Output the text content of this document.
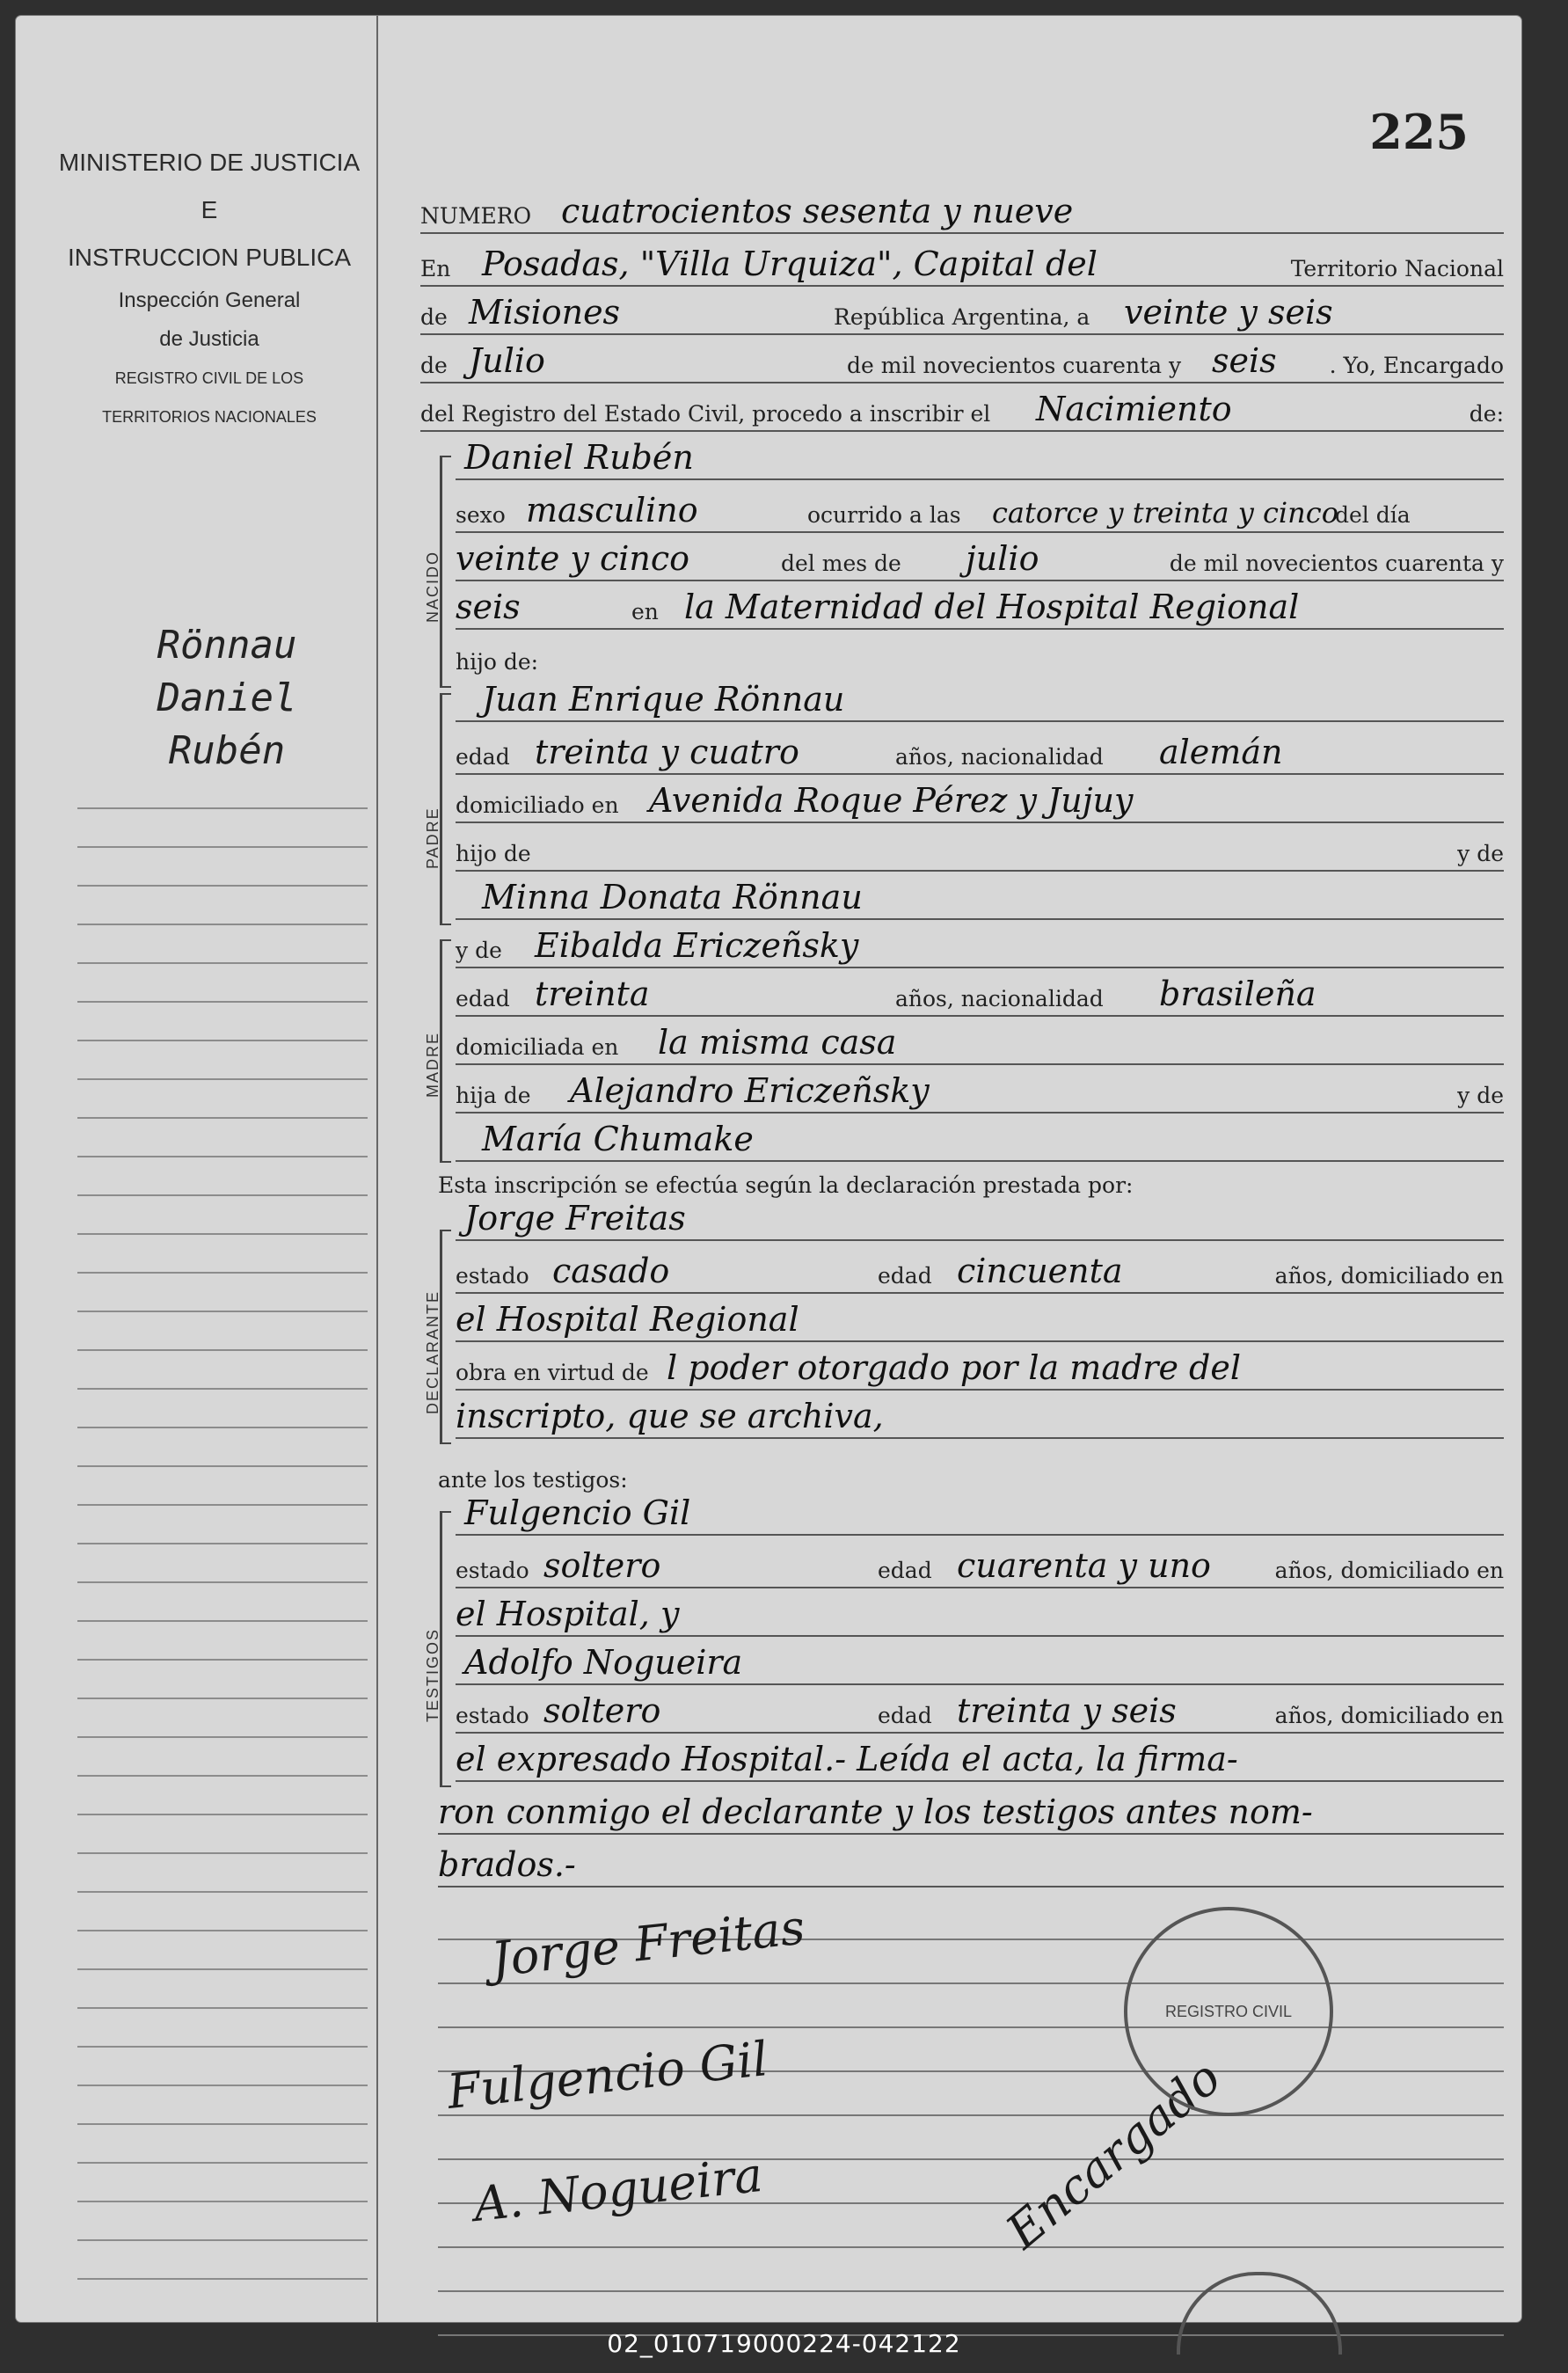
MINISTERIO DE JUSTICIA
E
INSTRUCCION PUBLICA
Inspección General
de Justicia
REGISTRO CIVIL DE LOS
TERRITORIOS NACIONALES
Rönnau
Daniel
Rubén
225
NUMERO cuatrocientos sesenta y nueve
En Posadas, "Villa Urquiza", Capital del	Territorio Nacional
de Misiones	República Argentina, a veinte y seis
de Julio	de mil novecientos cuarenta y seis . Yo, Encargado
del Registro del Estado Civil, procedo a inscribir el Nacimiento	de:
NACIDO
Daniel Rubén
sexo masculino	ocurrido a las catorce y treinta y cinco
del día
veinte y cinco	del mes de julio	de mil novecientos cuarenta y
seis	en la Maternidad del Hospital Regional
hijo de:
PADRE
Juan Enrique Rönnau
edad treinta y cuatro	años, nacionalidad alemán
domiciliado en Avenida Roque Pérez y Jujuy
hijo de	y de
Minna Donata Rönnau
MADRE
y de Eibalda Ericzeñsky
edad treinta	años, nacionalidad brasileña
domiciliada en la misma casa
hija de Alejandro Ericzeñsky	y de
María Chumake
Esta inscripción se efectúa según la declaración prestada por:
DECLARANTE
Jorge Freitas
estado casado	edad cincuenta	años, domiciliado en
el Hospital Regional
obra en virtud de l poder otorgado por la madre del
inscripto, que se archiva,
ante los testigos:
TESTIGOS
Fulgencio Gil
estado soltero	edad cuarenta y uno	años, domiciliado en
el Hospital, y
Adolfo Nogueira
estado soltero	edad treinta y seis	años, domiciliado en
el expresado Hospital.- Leída el acta, la firma-
ron conmigo el declarante y los testigos antes nom-
brados.-
Jorge Freitas
Fulgencio Gil
A. Nogueira	Encargado
REGISTRO CIVIL
02_010719000224-042122
